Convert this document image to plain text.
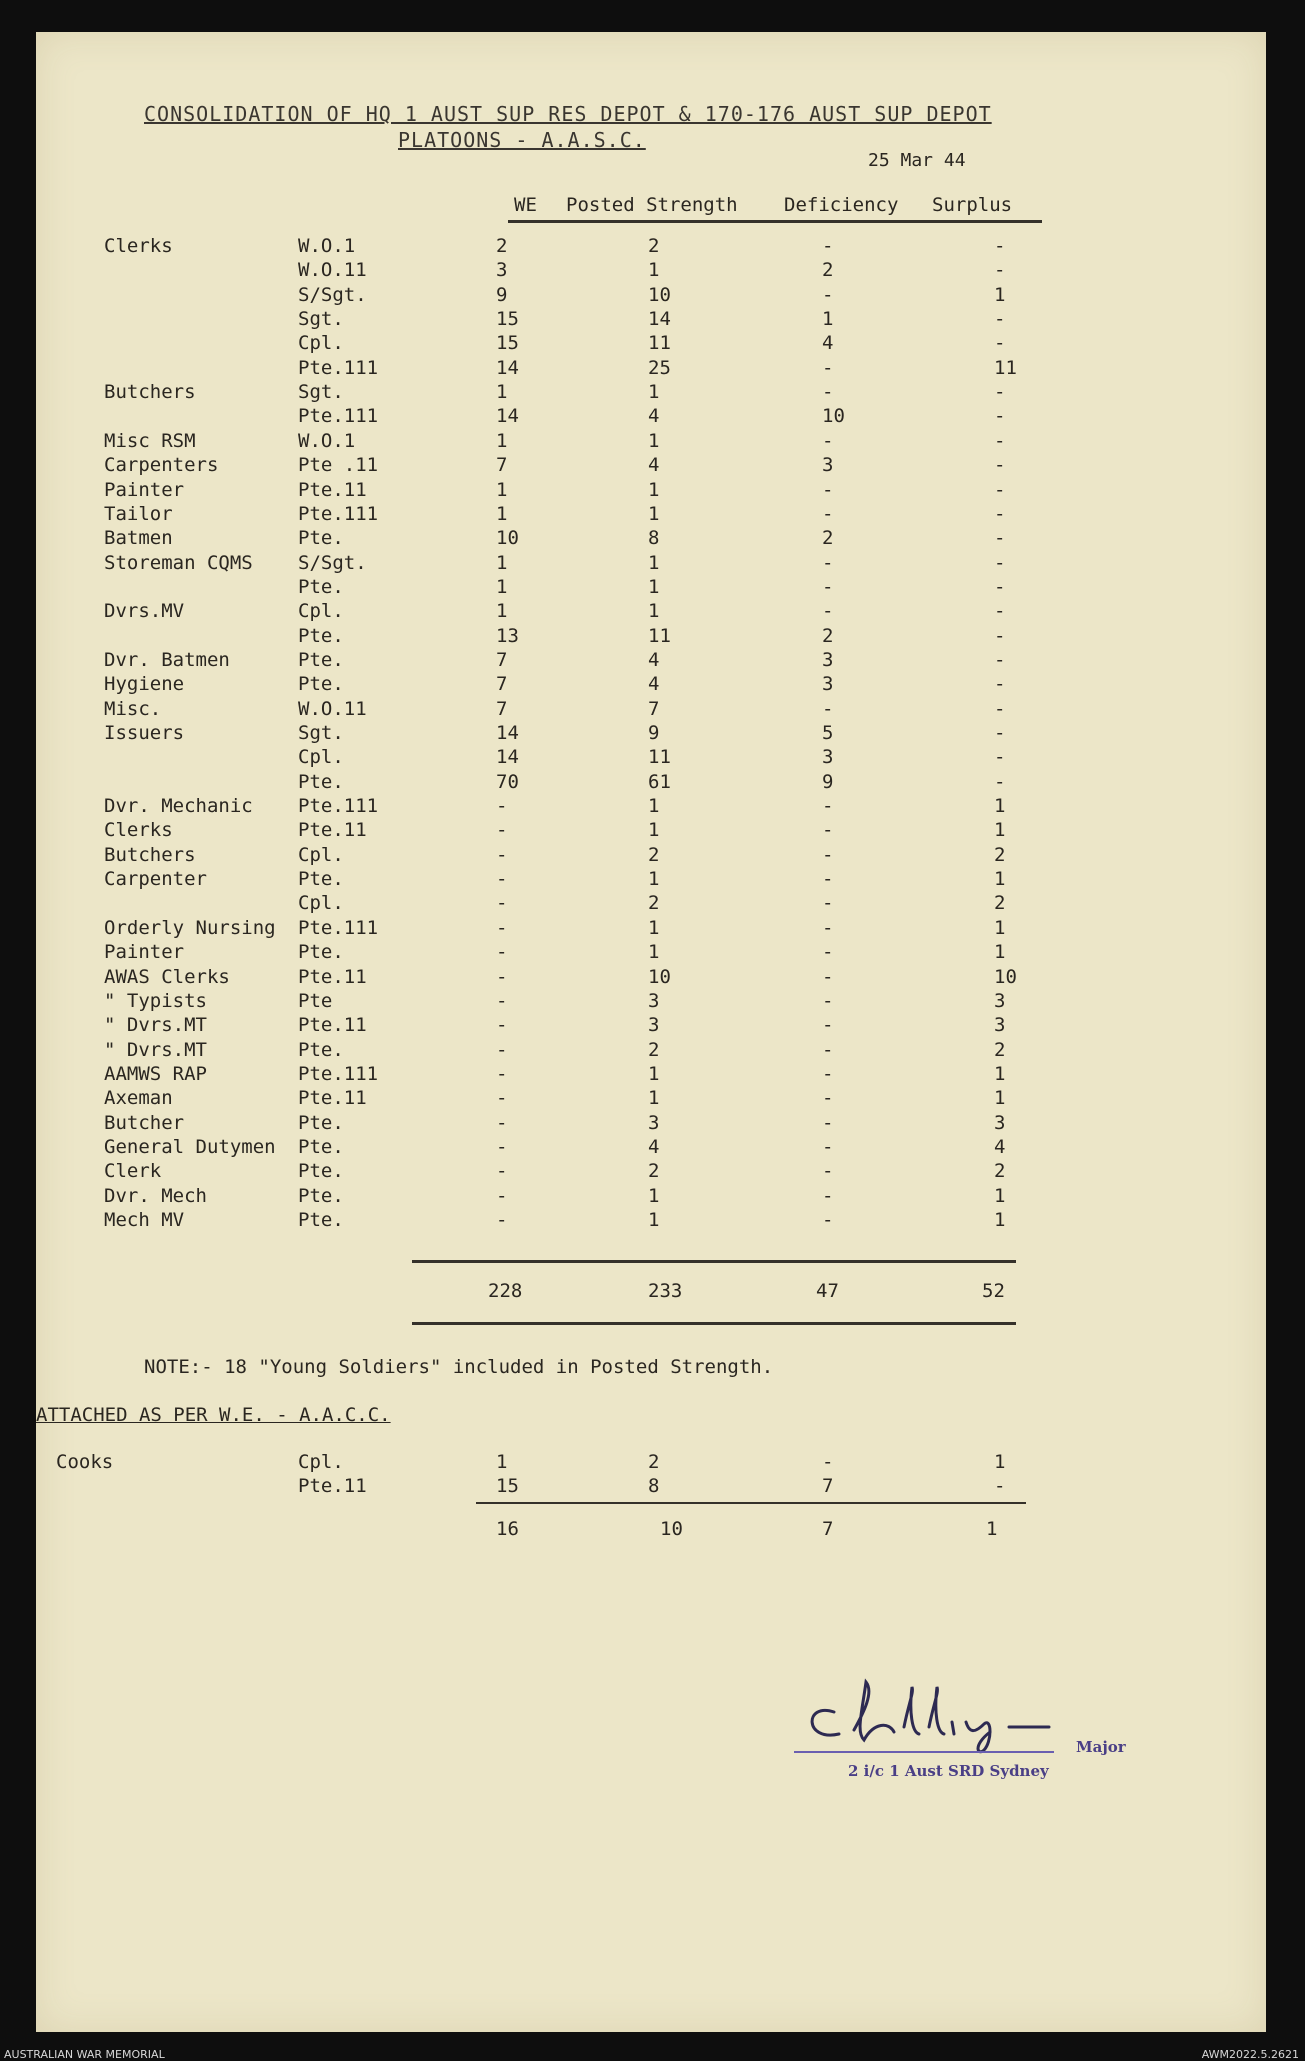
CONSOLIDATION OF HQ 1 AUST SUP RES DEPOT & 170-176 AUST SUP DEPOT
PLATOONS - A.A.S.C.
25 Mar 44
WE Posted Strength Deficiency Surplus
Clerks	W.O.1	2	2	-	-
W.O.11	3	1	2	-
S/Sgt.	9	10	-	1
Sgt.	15	14	1	-
Cpl.	15	11	4	-
Pte.111	14	25	-	11
Butchers	Sgt.	1	1	-	-
Pte.111	14	4	10	-
Misc RSM	W.O.1	1	1	-	-
Carpenters	Pte .11	7	4	3	-
Painter	Pte.11	1	1	-	-
Tailor	Pte.111	1	1	-	-
Batmen	Pte.	10	8	2	-
Storeman CQMS S/Sgt.	1	1	-	-
Pte.	1	1	-	-
Dvrs.MV	Cpl.	1	1	-	-
Pte.	13	11	2	-
Dvr. Batmen	Pte.	7	4	3	-
Hygiene	Pte.	7	4	3	-
Misc.	W.O.11	7	7	-	-
Issuers	Sgt.	14	9	5	-
Cpl.	14	11	3	-
Pte.	70	61	9	-
Dvr. Mechanic Pte.111	-	1	-	1
Clerks	Pte.11	-	1	-	1
Butchers	Cpl.	-	2	-	2
Carpenter	Pte.	-	1	-	1
Cpl.	-	2	-	2
Orderly Nursing Pte.111	-	1	-	1
Painter	Pte.	-	1	-	1
AWAS Clerks	Pte.11	-	10	-	10
" Typists	Pte	-	3	-	3
" Dvrs.MT	Pte.11	-	3	-	3
" Dvrs.MT	Pte.	-	2	-	2
AAMWS RAP	Pte.111	-	1	-	1
Axeman	Pte.11	-	1	-	1
Butcher	Pte.	-	3	-	3
General Dutymen Pte.	-	4	-	4
Clerk	Pte.	-	2	-	2
Dvr. Mech	Pte.	-	1	-	1
Mech MV	Pte.	-	1	-	1
228	233	47	52
NOTE:- 18 "Young Soldiers" included in Posted Strength.
ATTACHED AS PER W.E. - A.A.C.C.
Cooks	Cpl.	1	2	-	1
Pte.11	15	8	7	-
16	10	7	1
Major
2 i/c 1 Aust SRD Sydney
AUSTRALIAN WAR MEMORIAL	AWM2022.5.2621
